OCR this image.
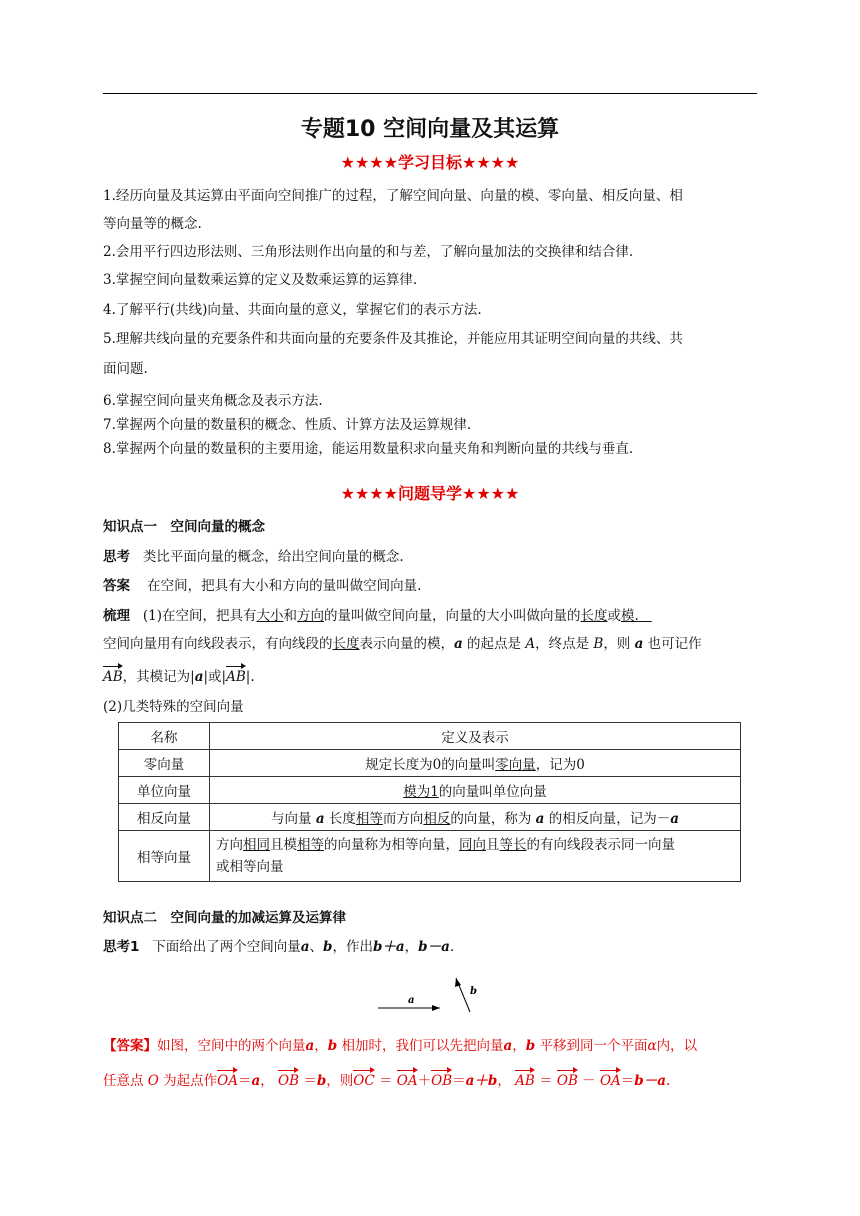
专题10 空间向量及其运算
★★★★学习目标★★★★
1.经历向量及其运算由平面向空间推广的过程，了解空间向量、向量的模、零向量、相反向量、相
等向量等的概念.
2.会用平行四边形法则、三角形法则作出向量的和与差，了解向量加法的交换律和结合律.
3.掌握空间向量数乘运算的定义及数乘运算的运算律.
4.了解平行(共线)向量、共面向量的意义，掌握它们的表示方法.
5.理解共线向量的充要条件和共面向量的充要条件及其推论，并能应用其证明空间向量的共线、共
面问题.
6.掌握空间向量夹角概念及表示方法.
7.掌握两个向量的数量积的概念、性质、计算方法及运算规律.
8.掌握两个向量的数量积的主要用途，能运用数量积求向量夹角和判断向量的共线与垂直.
★★★★问题导学★★★★
知识点一　空间向量的概念
思考 类比平面向量的概念，给出空间向量的概念.
答案 在空间，把具有大小和方向的量叫做空间向量.
梳理 (1)在空间，把具有大小和方向的量叫做空间向量，向量的大小叫做向量的长度或模.
空间向量用有向线段表示，有向线段的长度表示向量的模，a 的起点是 A，终点是 B，则 a 也可记作
AB，其模记为|a|或|AB|.
(2)几类特殊的空间向量
名称	定义及表示
零向量	规定长度为0的向量叫零向量，记为0
单位向量	模为1的向量叫单位向量
相反向量	与向量 a 长度相等而方向相反的向量，称为 a 的相反向量，记为－a
相等向量	方向相同且模相等的向量称为相等向量，同向且等长的有向线段表示同一向量
或相等向量
知识点二　空间向量的加减运算及运算律
思考1 下面给出了两个空间向量a、b，作出b＋a，b－a.
a
b
【答案】如图，空间中的两个向量a，b 相加时，我们可以先把向量a，b 平移到同一个平面α内，以
任意点 O 为起点作OA＝a， OB ＝b，则OC ＝ OA＋OB＝a＋b， AB ＝ OB － OA＝b－a.
